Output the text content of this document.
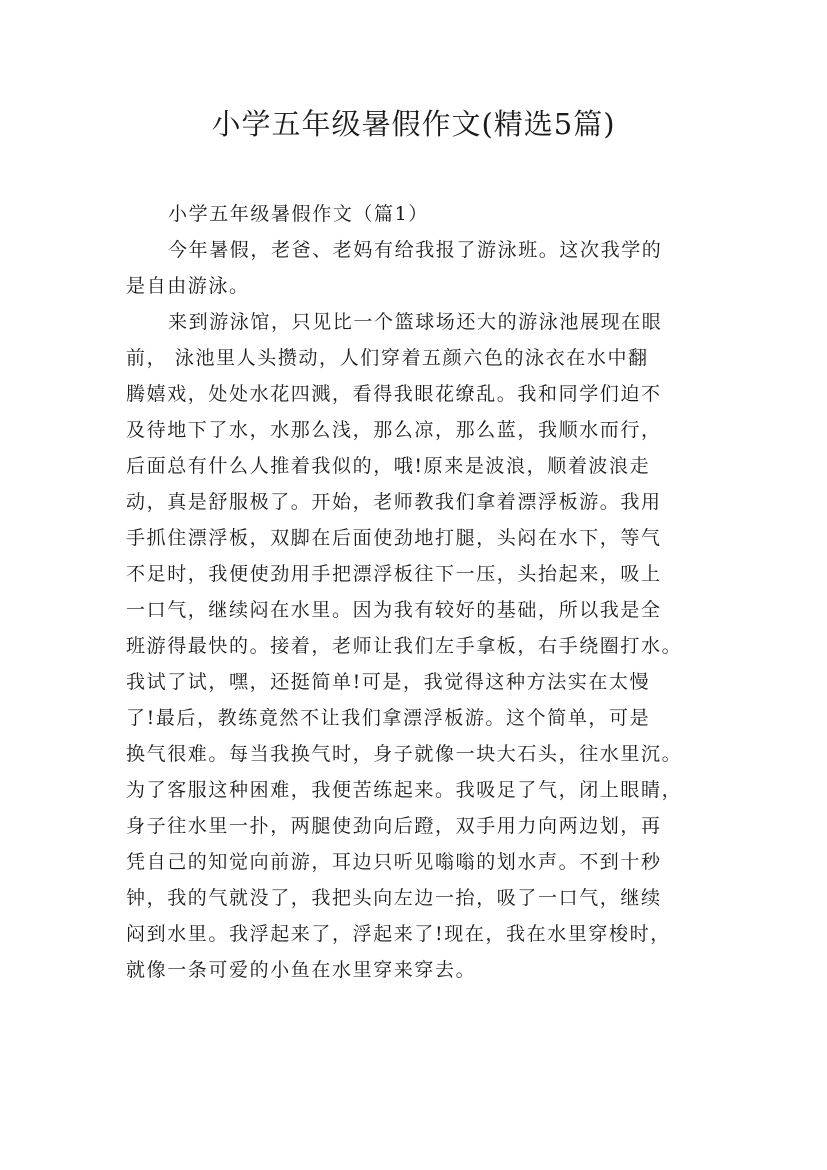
小学五年级暑假作文(精选5篇)
小学五年级暑假作文（篇1）
今年暑假，老爸、老妈有给我报了游泳班。这次我学的
是自由游泳。
来到游泳馆，只见比一个篮球场还大的游泳池展现在眼
前， 泳池里人头攒动，人们穿着五颜六色的泳衣在水中翻
腾嬉戏，处处水花四溅，看得我眼花缭乱。我和同学们迫不
及待地下了水，水那么浅，那么凉，那么蓝，我顺水而行，
后面总有什么人推着我似的，哦!原来是波浪，顺着波浪走
动，真是舒服极了。开始，老师教我们拿着漂浮板游。我用
手抓住漂浮板，双脚在后面使劲地打腿，头闷在水下，等气
不足时，我便使劲用手把漂浮板往下一压，头抬起来，吸上
一口气，继续闷在水里。因为我有较好的基础，所以我是全
班游得最快的。接着，老师让我们左手拿板，右手绕圈打水。
我试了试，嘿，还挺简单!可是，我觉得这种方法实在太慢
了!最后，教练竟然不让我们拿漂浮板游。这个简单，可是
换气很难。每当我换气时，身子就像一块大石头，往水里沉。
为了客服这种困难，我便苦练起来。我吸足了气，闭上眼睛，
身子往水里一扑，两腿使劲向后蹬，双手用力向两边划，再
凭自己的知觉向前游，耳边只听见嗡嗡的划水声。不到十秒
钟，我的气就没了，我把头向左边一抬，吸了一口气，继续
闷到水里。我浮起来了，浮起来了!现在，我在水里穿梭时，
就像一条可爱的小鱼在水里穿来穿去。
